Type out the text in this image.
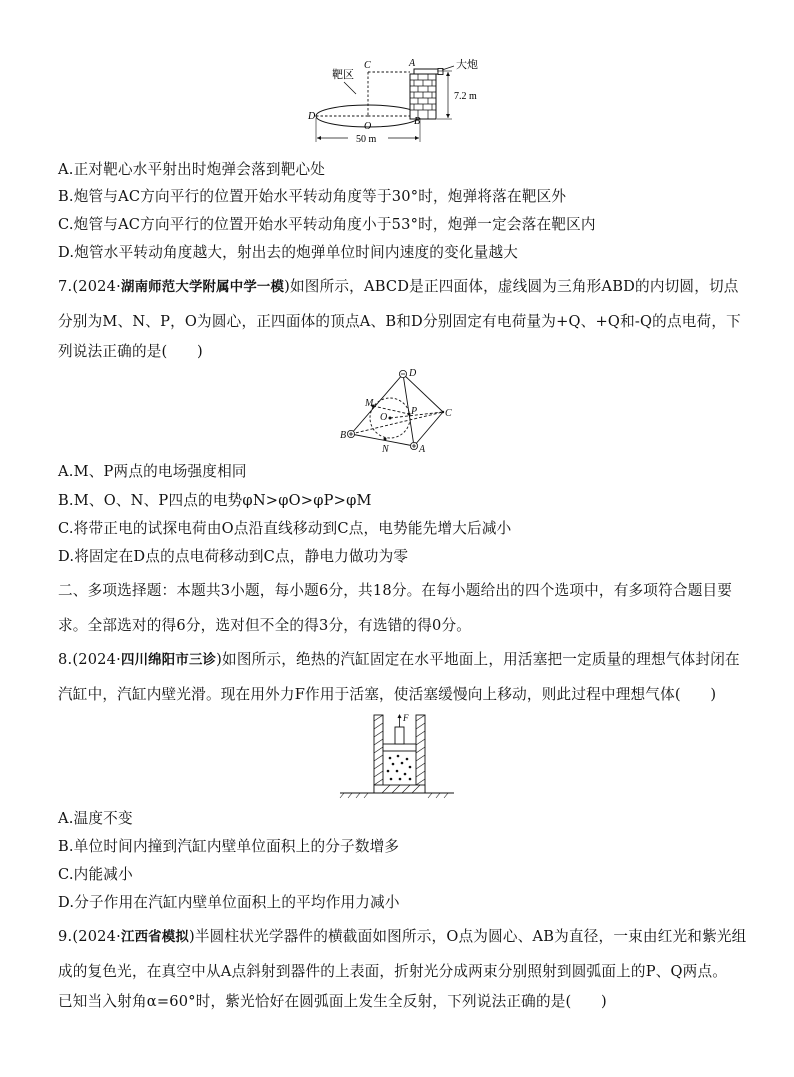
靶区
大炮
7.2 m
50 m
C	A
D
O	B
A.正对靶心水平射出时炮弹会落到靶心处
B.炮管与AC方向平行的位置开始水平转动角度等于30°时，炮弹将落在靶区外
C.炮管与AC方向平行的位置开始水平转动角度小于53°时，炮弹一定会落在靶区内
D.炮管水平转动角度越大，射出去的炮弹单位时间内速度的变化量越大
7.(2024·湖南师范大学附属中学一模)如图所示，ABCD是正四面体，虚线圆为三角形ABD的内切圆，切点
分别为M、N、P，O为圆心，正四面体的顶点A、B和D分别固定有电荷量为+Q、+Q和-Q的点电荷，下
列说法正确的是(　　)
D
M
O
P	C
B
N	A
A.M、P两点的电场强度相同
B.M、O、N、P四点的电势φN>φO>φP>φM
C.将带正电的试探电荷由O点沿直线移动到C点，电势能先增大后减小
D.将固定在D点的点电荷移动到C点，静电力做功为零
二、多项选择题：本题共3小题，每小题6分，共18分。在每小题给出的四个选项中，有多项符合题目要
求。全部选对的得6分，选对但不全的得3分，有选错的得0分。
8.(2024·四川绵阳市三诊)如图所示，绝热的汽缸固定在水平地面上，用活塞把一定质量的理想气体封闭在
汽缸中，汽缸内壁光滑。现在用外力F作用于活塞，使活塞缓慢向上移动，则此过程中理想气体(　　)
F
A.温度不变
B.单位时间内撞到汽缸内壁单位面积上的分子数增多
C.内能减小
D.分子作用在汽缸内壁单位面积上的平均作用力减小
9.(2024·江西省模拟)半圆柱状光学器件的横截面如图所示，O点为圆心、AB为直径，一束由红光和紫光组
成的复色光，在真空中从A点斜射到器件的上表面，折射光分成两束分别照射到圆弧面上的P、Q两点。
已知当入射角α=60°时，紫光恰好在圆弧面上发生全反射，下列说法正确的是(　　)
